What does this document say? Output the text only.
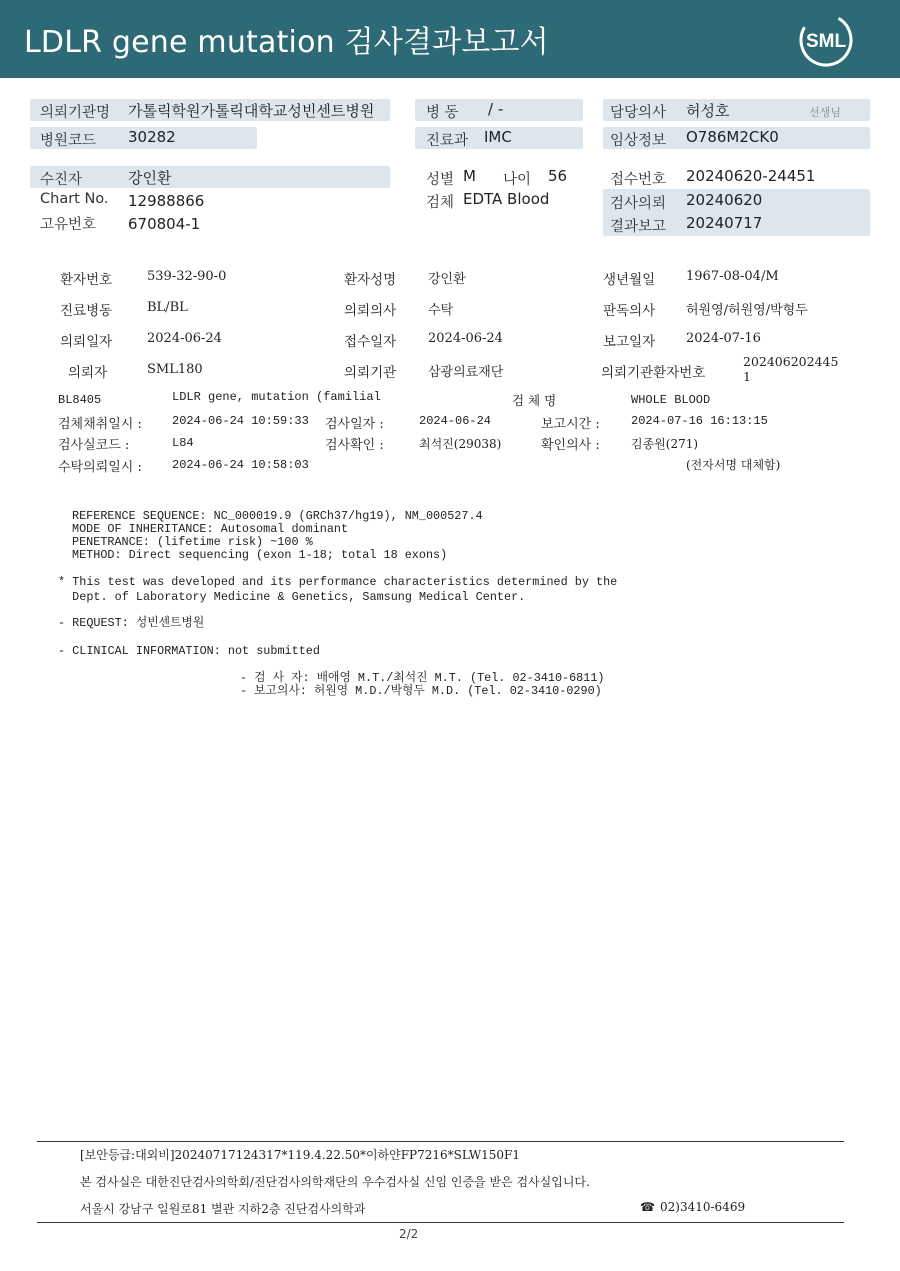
LDLR gene mutation 검사결과보고서	SML
의뢰기관명 가톨릭학원가톨릭대학교성빈센트병원
병원코드 30282
병 동 / -
진료과 IMC
담당의사 허성호	선생님
임상정보 O786M2CK0
수진자	강인환
Chart No. 12988866
고유번호 670804-1
성별 M 나이 56
검체 EDTA Blood
접수번호 20240620-24451
검사의뢰 20240620
결과보고 20240717
환자번호	539-32-90-0	환자성명 강인환	생년월일 1967-08-04/M
진료병동	BL/BL	의뢰의사 수탁	판독의사 허원영/허원영/박형두
의뢰일자	2024-06-24	접수일자 2024-06-24	보고일자 2024-07-16
의뢰자	SML180	의뢰기관 삼광의료재단	의뢰기관환자번호
202406202445
1
BL8405	LDLR gene, mutation (familial	검 체 명	WHOLE BLOOD
검체채취일시 :	2024-06-24 10:59:33 검사일자 :	2024-06-24	보고시간 :	2024-07-16 16:13:15
검사실코드 :	L84	검사확인 :	최석진(29038)	확인의사 :	김종원(271)
수탁의뢰일시 :	2024-06-24 10:58:03	(전자서명 대체함)
REFERENCE SEQUENCE: NC_000019.9 (GRCh37/hg19), NM_000527.4
MODE OF INHERITANCE: Autosomal dominant
PENETRANCE: (lifetime risk) ~100 %
METHOD: Direct sequencing (exon 1-18; total 18 exons)
* This test was developed and its performance characteristics determined by the
Dept. of Laboratory Medicine & Genetics, Samsung Medical Center.
- REQUEST: 성빈센트병원
- CLINICAL INFORMATION: not submitted
- 검 사 자: 배애영 M.T./최석진 M.T. (Tel. 02-3410-6811)
- 보고의사: 허원영 M.D./박형두 M.D. (Tel. 02-3410-0290)
[보안등급:대외비]20240717124317*119.4.22.50*이하얀FP7216*SLW150F1
본 검사실은 대한진단검사의학회/진단검사의학재단의 우수검사실 신임 인증을 받은 검사실입니다.
서울시 강남구 일원로81 별관 지하2층 진단검사의학과	☎ 02)3410-6469
2/2
